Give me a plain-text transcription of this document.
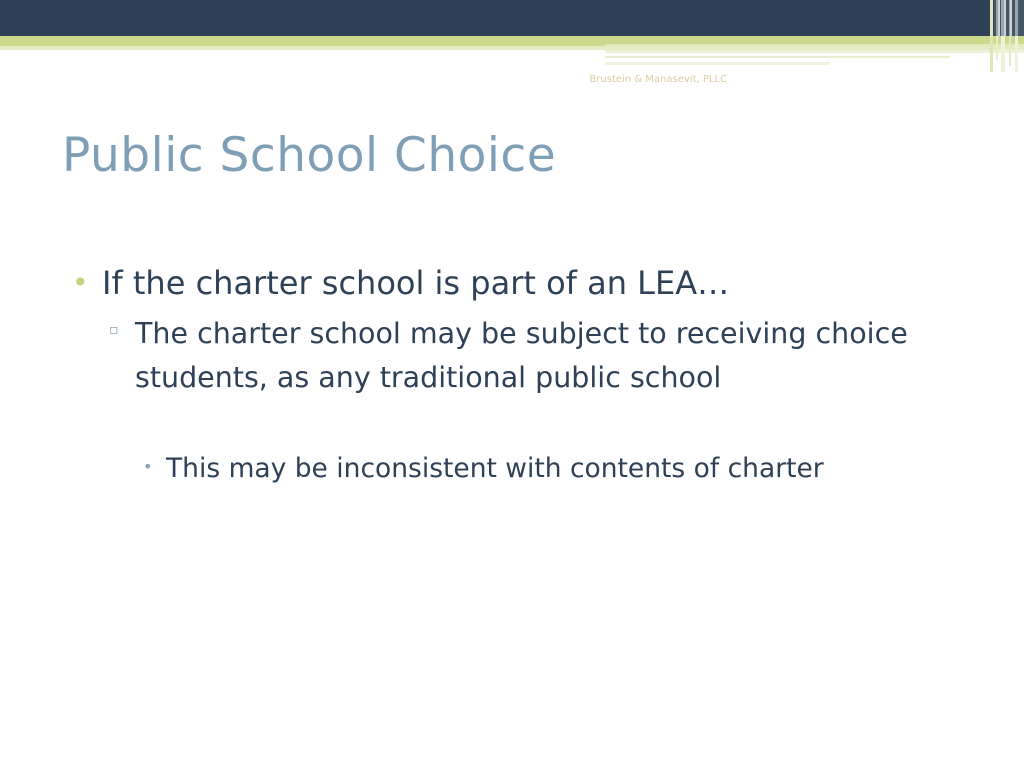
Brustein & Manasevit, PLLC
Public School Choice
• If the charter school is part of an LEA…
▫ The charter school may be subject to receiving choice students, as any traditional public school
• This may be inconsistent with contents of charter
